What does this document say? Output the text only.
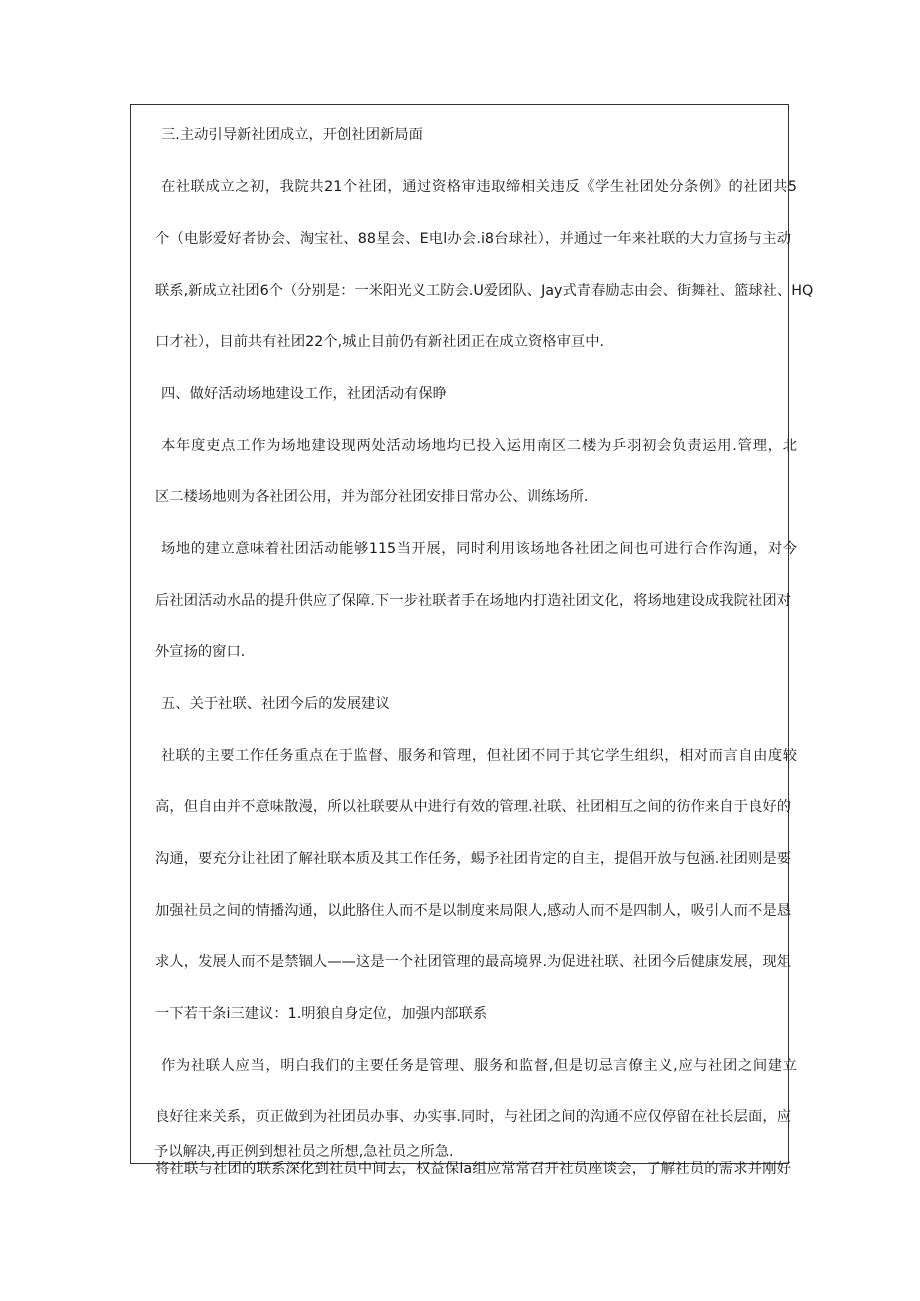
三.主动引导新社团成立，开创社团新局面
在社联成立之初，我院共21个社团，通过资格审违取缔相关违反《学生社团处分条例》的社团共5
个（电影爱好者协会、淘宝社、88星会、E电l办会.i8台球社），并通过一年来社联的大力宣扬与主动
联系,新成立社团6个（分别是：一米阳光义工防会.U爱团队、Jay式青春励志由会、街舞社、篮球社、HQ
口才社），目前共有社团22个,城止目前仍有新社团正在成立资格审亘中.
四、做好活动场地建设工作，社团活动有保睁
本年度吏点工作为场地建设现两处活动场地均已投入运用南区二楼为乒羽初会负责运用.管理，北
区二楼场地则为各社团公用，并为部分社团安排日常办公、训练场所.
场地的建立意味着社团活动能够115当开展，同时利用该场地各社团之间也可进行合作沟通，对今
后社团活动水品的提升供应了保障.下一步社联者手在场地内打造社团文化，将场地建设成我院社团对
外宣扬的窗口.
五、关于社联、社团今后的发展建议
社联的主要工作任务重点在于监督、服务和管理，但社团不同于其它学生组织，相对而言自由度较
高，但自由并不意味散漫，所以社联要从中进行有效的管理.社联、社团相互之间的彷作来自于良好的
沟通，要充分让社团了解社联本质及其工作任务，蜴予社团肯定的自主，提倡开放与包涵.社团则是要
加强社员之间的情播沟通，以此胳住人而不是以制度来局限人,感动人而不是四制人，吸引人而不是恳
求人，发展人而不是禁锢人——这是一个社团管理的最高境界.为促进社联、社团今后健康发展，现俎
一下若干条i三建议：1.明狼自身定位，加强内部联系
作为社联人应当，明白我们的主要任务是管理、服务和监督,但是切忌言僚主义,应与社团之间建立
良好往来关系，页正做到为社团员办事、办实事.同时，与社团之间的沟通不应仅停留在社长层面，应
将社联与社团的联系深化到社员中间去，权益保la组应常常召开社员座谈会，了解社员的需求并刚好
予以解决,再正例到想社员之所想,急社员之所急.
